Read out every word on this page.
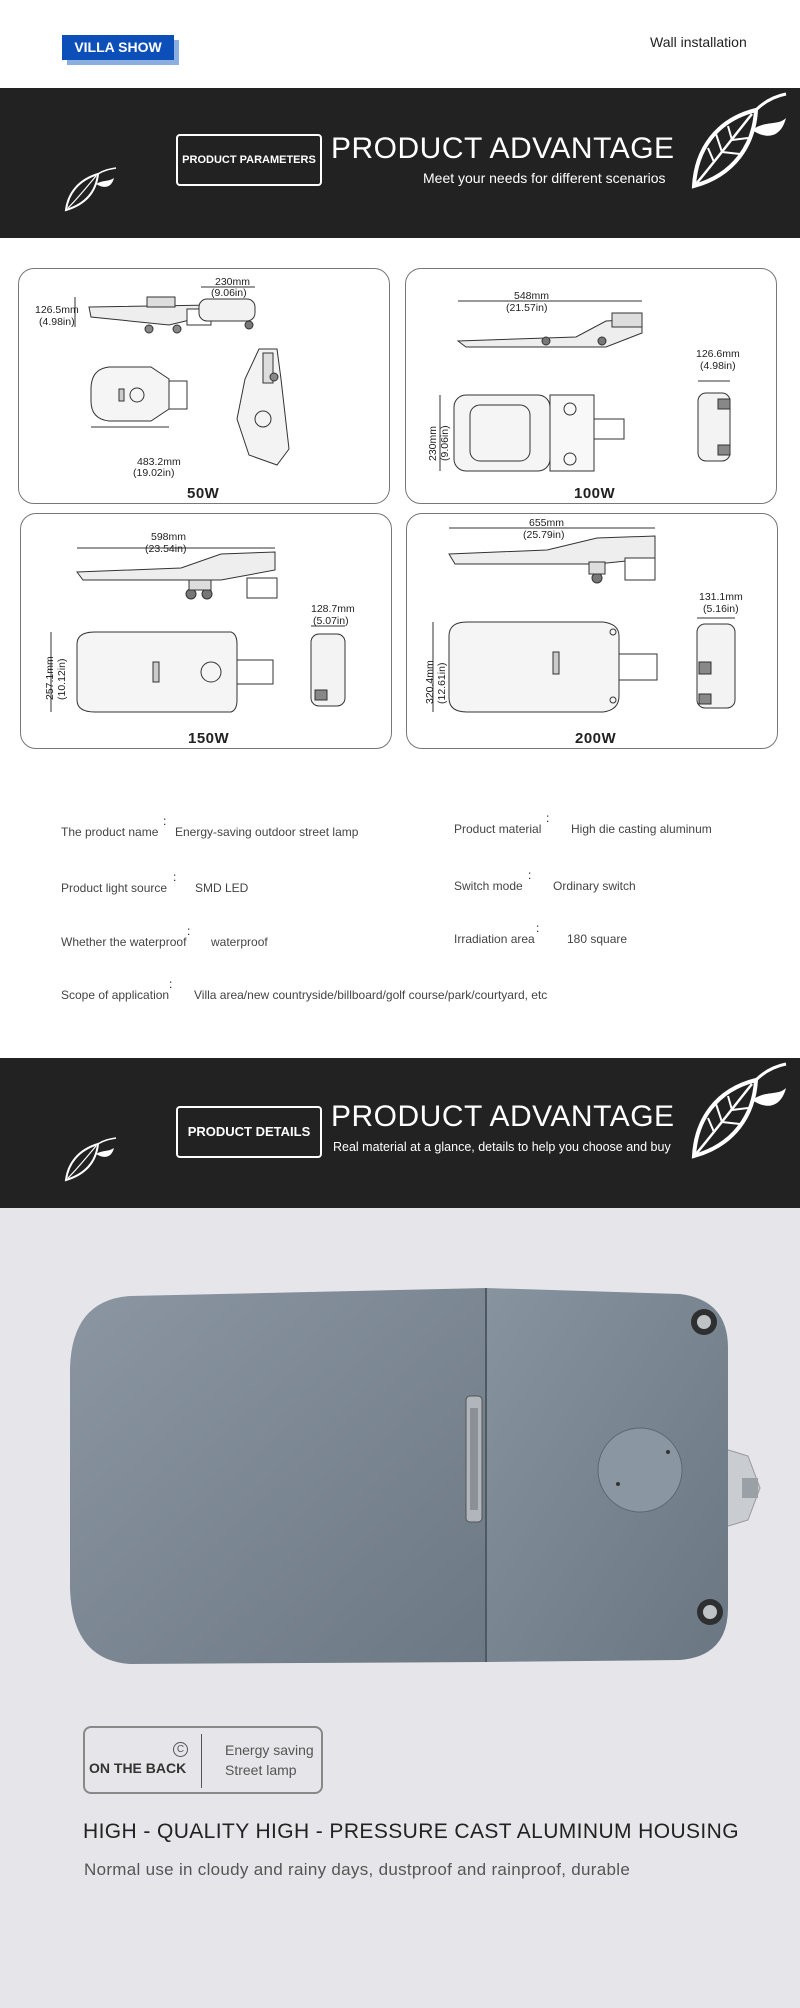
VILLA SHOW	Wall installation
PRODUCT PARAMETERS PRODUCT ADVANTAGE
Meet your needs for different scenarios
126.5mm
(4.98in)
230mm
(9.06in)
483.2mm
(19.02in)
50W
548mm
(21.57in)
126.6mm
(4.98in)
230mm (9.06in)
100W
598mm
(23.54in)
128.7mm
(5.07in)
257.1mm (10.12in)
150W
655mm
(25.79in)
131.1mm
(5.16in)
320.4mm (12.61in)
200W
The product name
:
Energy-saving outdoor street lamp	Product material
:
High die casting aluminum
Product light source
:
SMD LED	Switch mode
:
Ordinary switch
Whether the waterproof
:
waterproof	Irradiation area
:
180 square
Scope of application
:
Villa area/new countryside/billboard/golf course/park/courtyard, etc
PRODUCT DETAILS PRODUCT ADVANTAGE
Real material at a glance, details to help you choose and buy
ON THE BACK
C	Energy saving
Street lamp
HIGH - QUALITY HIGH - PRESSURE CAST ALUMINUM HOUSING
Normal use in cloudy and rainy days, dustproof and rainproof, durable
